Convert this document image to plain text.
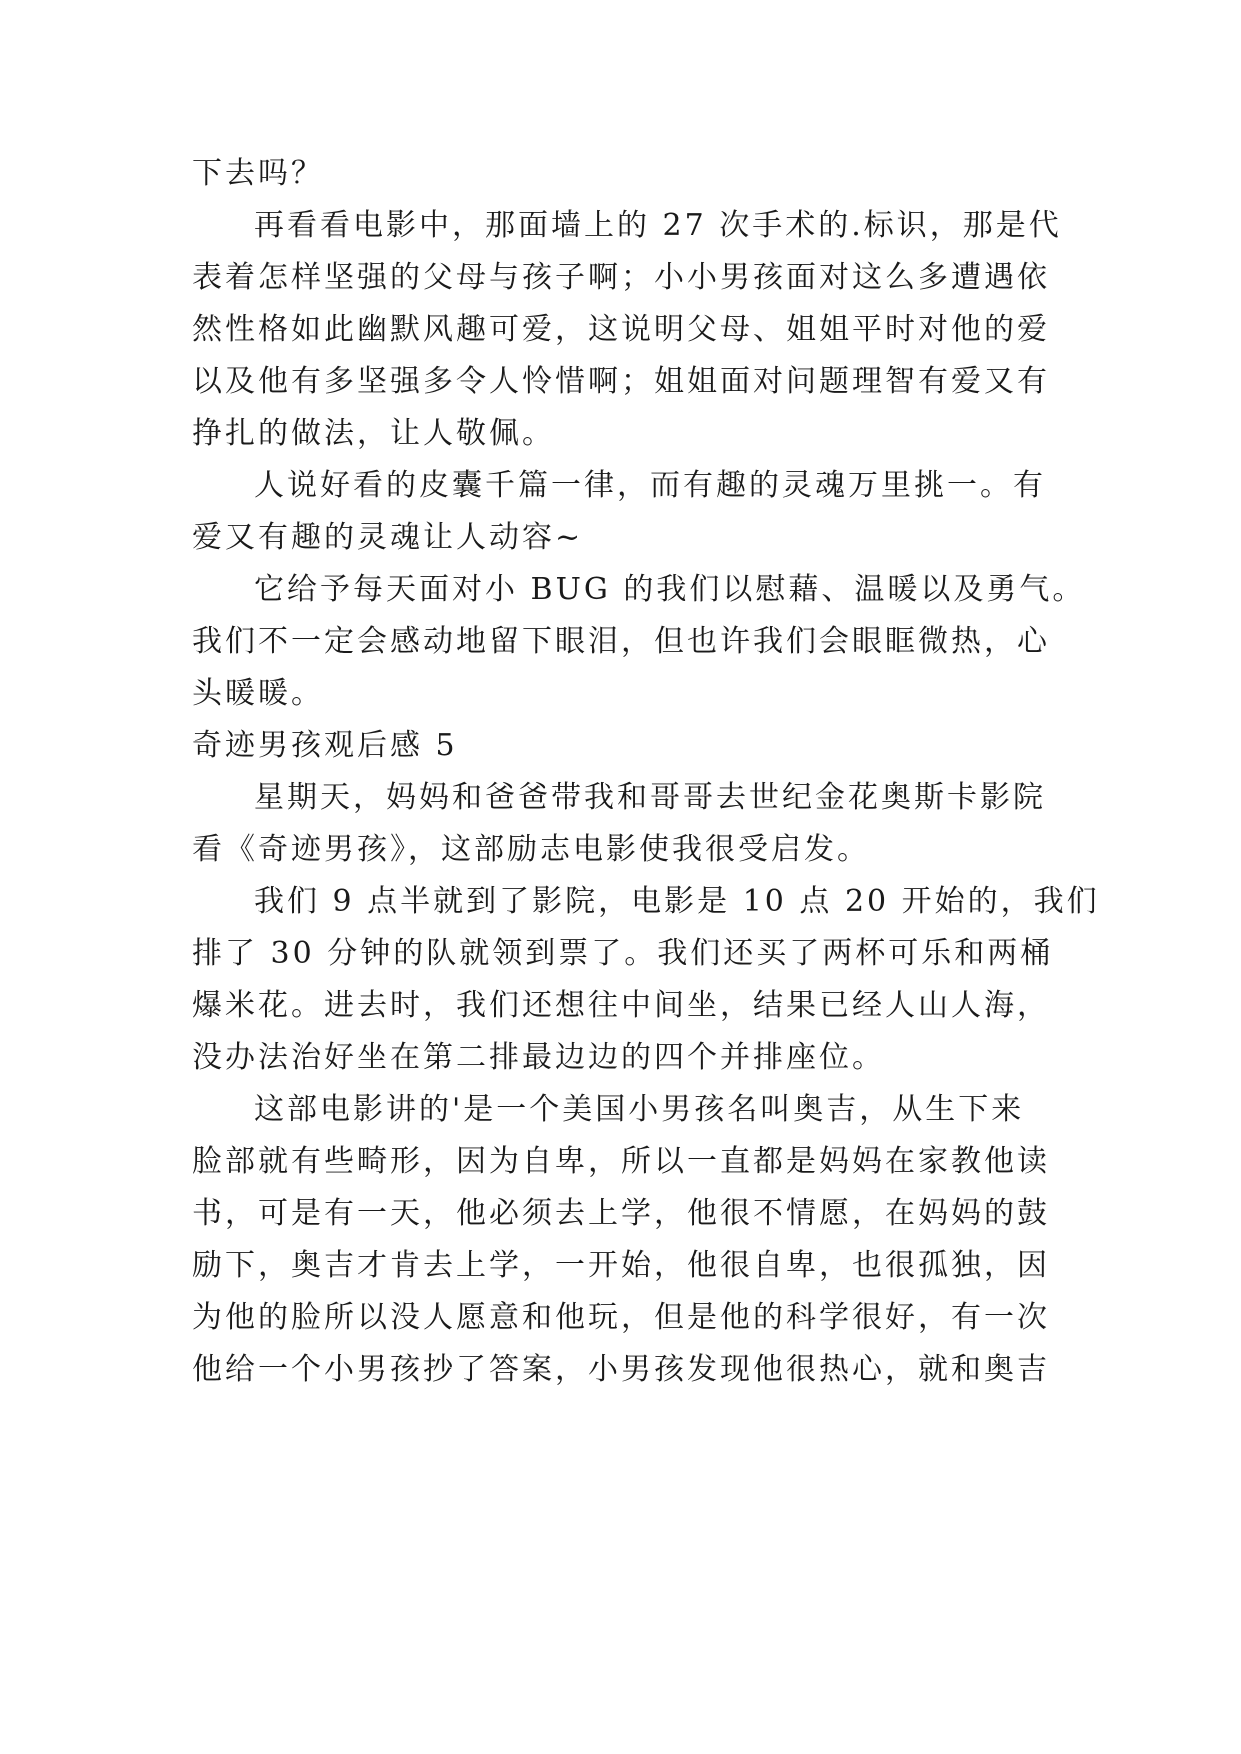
下去吗？
再看看电影中，那面墙上的 27 次手术的.标识，那是代
表着怎样坚强的父母与孩子啊；小小男孩面对这么多遭遇依
然性格如此幽默风趣可爱，这说明父母、姐姐平时对他的爱
以及他有多坚强多令人怜惜啊；姐姐面对问题理智有爱又有
挣扎的做法，让人敬佩。
人说好看的皮囊千篇一律，而有趣的灵魂万里挑一。有
爱又有趣的灵魂让人动容~
它给予每天面对小 BUG 的我们以慰藉、温暖以及勇气。
我们不一定会感动地留下眼泪，但也许我们会眼眶微热，心
头暖暖。
奇迹男孩观后感 5
星期天，妈妈和爸爸带我和哥哥去世纪金花奥斯卡影院
看《奇迹男孩》，这部励志电影使我很受启发。
我们 9 点半就到了影院，电影是 10 点 20 开始的，我们
排了 30 分钟的队就领到票了。我们还买了两杯可乐和两桶
爆米花。进去时，我们还想往中间坐，结果已经人山人海，
没办法治好坐在第二排最边边的四个并排座位。
这部电影讲的'是一个美国小男孩名叫奥吉，从生下来
脸部就有些畸形，因为自卑，所以一直都是妈妈在家教他读
书，可是有一天，他必须去上学，他很不情愿，在妈妈的鼓
励下，奥吉才肯去上学，一开始，他很自卑，也很孤独，因
为他的脸所以没人愿意和他玩，但是他的科学很好，有一次
他给一个小男孩抄了答案，小男孩发现他很热心，就和奥吉
